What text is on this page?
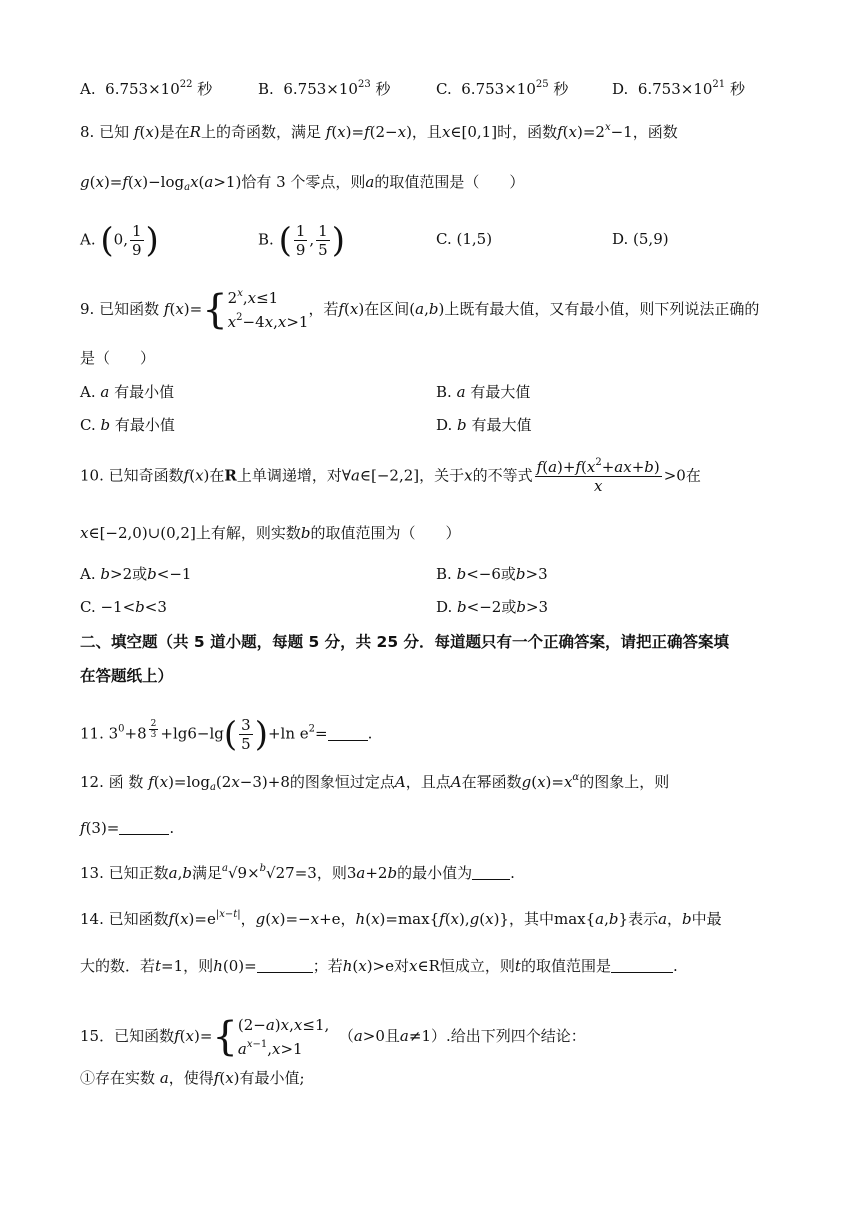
A. $6.753\times 10^{22}$ 秒	B. $6.753\times 10^{23}$ 秒	C. $6.753\times 10^{25}$ 秒	D. $6.753\times 10^{21}$ 秒
8. 已知 f(x)是在R上的奇函数，满足 f(x)=f(2−x)，且x∈[0,1]时，函数$f(x)=2^x-1$，函数
$g(x)=f(x)-\log_ax(a>1)$恰有 3 个零点，则a的取值范围是（　　）
A. (0, $\frac{1}{9}$ )	B. ( $\frac{1}{9}$ , $\frac{1}{5}$ )	C. (1,5)	D. (5,9)
9. 已知函数 f(x)={ $2^x,x\le 1$
$x^2-4x,x>1$
，若f(x)在区间(a,b)上既有最大值，又有最小值，则下列说法正确的
是（　　）
A. a 有最小值	B. a 有最大值
C. b 有最小值	D. b 有最大值
10. 已知奇函数f(x)在R上单调递增，对∀a∈[−2,2]，关于x的不等式 $\frac{f(a)+f(x^2+ax+b)}{x} >0$在
x∈[−2,0)∪(0,2]上有解，则实数b的取值范围为（　　）
A. b>2或b<−1	B. b<−6或b>3
C. −1<b<3	D. b<−2或b>3
二、填空题（共 5 道小题，每题 5 分，共 25 分．每道题只有一个正确答案，请把正确答案填
在答题纸上）
11. $3^0+8$ $^{\frac{2}{3}} +\lg 6-\lg( \frac{3}{5} )+\ln$ $e^2=$	.
12. 函 数 $f(x)=\log_a(2x-3)+8$的图象恒过定点A，且点A在幂函数$g(x)=x^\alpha$的图象上，则
f(3)=	.
13. 已知正数a,b满足$^a$√9×$^b$√27=3，则3a+2b的最小值为	.
14. 已知函数$f(x)=e^{|x-t|}$，g(x)=−x+e，h(x)=max{f(x),g(x)}，其中max{a,b}表示a，b中最
大的数．若t=1，则h(0)=	；若h(x)>e对x∈R恒成立，则t的取值范围是	.
15．已知函数f(x)={ (2−a)x,x≤1,
$a^{x-1},x>1$
（a>0且a≠1）.给出下列四个结论：
①存在实数 a，使得f(x)有最小值;
